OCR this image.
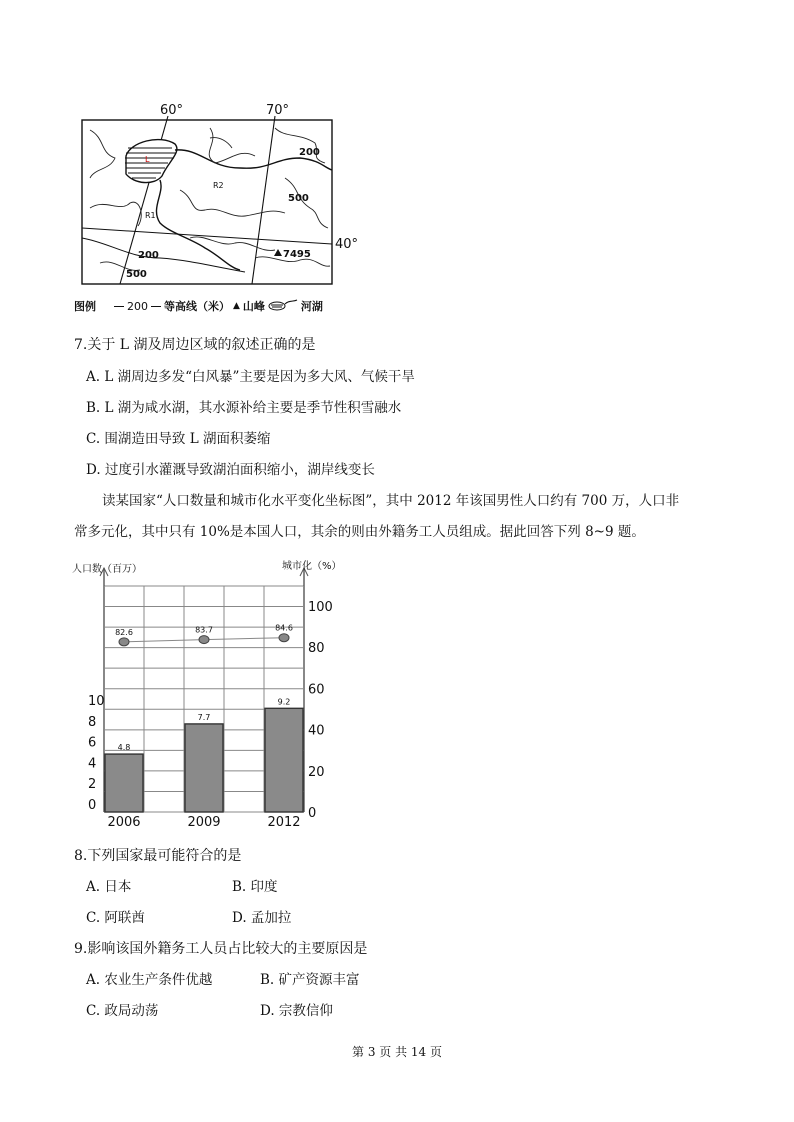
60°	70°
40°
200
500
200
500
R1
R2
L
7495
图例	200 等高线（米） ▲ 山峰	河湖
7.关于 L 湖及周边区域的叙述正确的是
A. L 湖周边多发“白风暴”主要是因为多大风、气候干旱
B. L 湖为咸水湖，其水源补给主要是季节性积雪融水
C. 围湖造田导致 L 湖面积萎缩
D. 过度引水灌溉导致湖泊面积缩小，湖岸线变长
读某国家“人口数量和城市化水平变化坐标图”，其中 2012 年该国男性人口约有 700 万，人口非
常多元化，其中只有 10%是本国人口，其余的则由外籍务工人员组成。据此回答下列 8~9 题。
人口数（百万）	城市化（%）
0
2
4
6
8
10
0
20
40
60
80
100
4.8
7.7
9.2
2006	2009	2012
82.6	83.7	84.6
8.下列国家最可能符合的是
A. 日本	B. 印度
C. 阿联酋	D. 孟加拉
9.影响该国外籍务工人员占比较大的主要原因是
A. 农业生产条件优越	B. 矿产资源丰富
C. 政局动荡	D. 宗教信仰
第 3 页 共 14 页
